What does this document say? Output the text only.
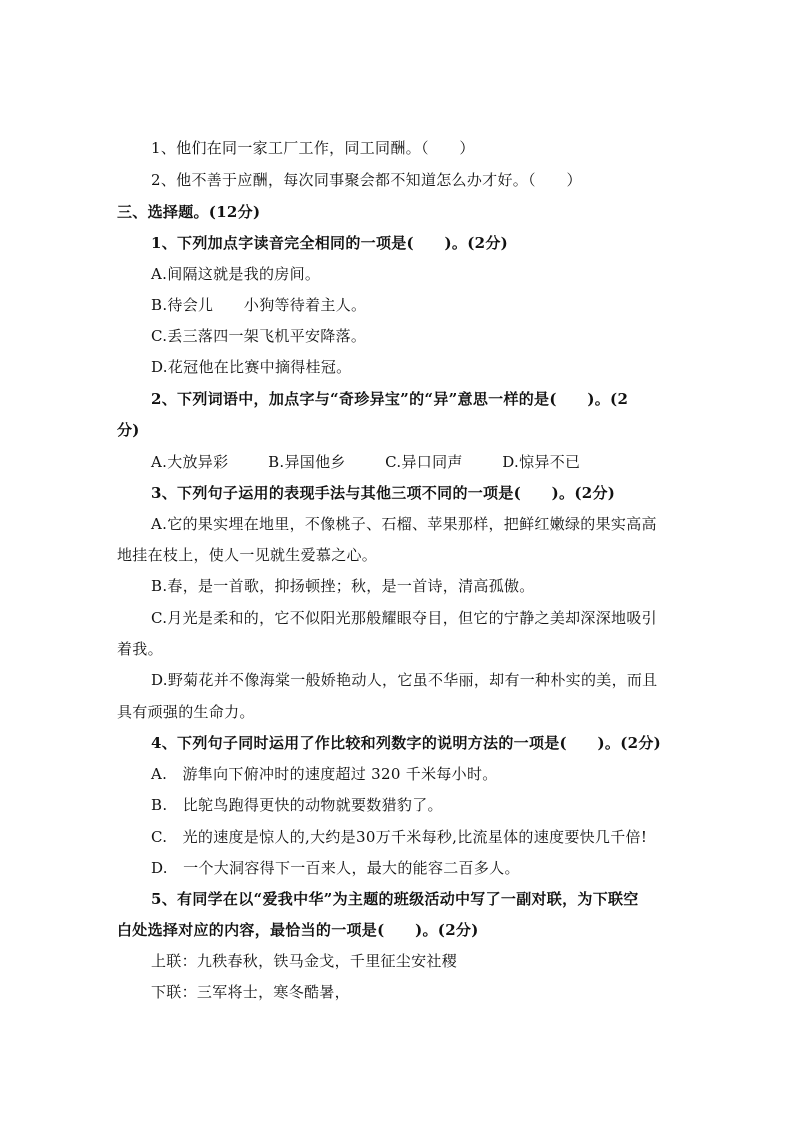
1、他们在同一家工厂工作，同工同酬。（　　）
2、他不善于应酬，每次同事聚会都不知道怎么办才好。（　　）
三、选择题。(12分)
1、下列加点字读音完全相同的一项是(　　)。(2分)
A.间隔这就是我的房间。
B.待会儿　　小狗等待着主人。
C.丢三落四一架飞机平安降落。
D.花冠他在比赛中摘得桂冠。
2、下列词语中，加点字与“奇珍异宝”的“异”意思一样的是(　　)。(2
分)
A.大放异彩	B.异国他乡	C.异口同声	D.惊异不已
3、下列句子运用的表现手法与其他三项不同的一项是(　　)。(2分)
A.它的果实埋在地里，不像桃子、石榴、苹果那样，把鲜红嫩绿的果实高高
地挂在枝上，使人一见就生爱慕之心。
B.春，是一首歌，抑扬顿挫；秋，是一首诗，清高孤傲。
C.月光是柔和的，它不似阳光那般耀眼夺目，但它的宁静之美却深深地吸引
着我。
D.野菊花并不像海棠一般娇艳动人，它虽不华丽，却有一种朴实的美，而且
具有顽强的生命力。
4、下列句子同时运用了作比较和列数字的说明方法的一项是(　　)。(2分)
A.　游隼向下俯冲时的速度超过 320 千米每小时。
B.　比鸵鸟跑得更快的动物就要数猎豹了。
C.　光的速度是惊人的,大约是30万千米每秒,比流星体的速度要快几千倍!
D.　一个大洞容得下一百来人，最大的能容二百多人。
5、有同学在以“爱我中华”为主题的班级活动中写了一副对联，为下联空
白处选择对应的内容，最恰当的一项是(　　)。(2分)
上联：九秩春秋，铁马金戈，千里征尘安社稷
下联：三军将士，寒冬酷暑，
